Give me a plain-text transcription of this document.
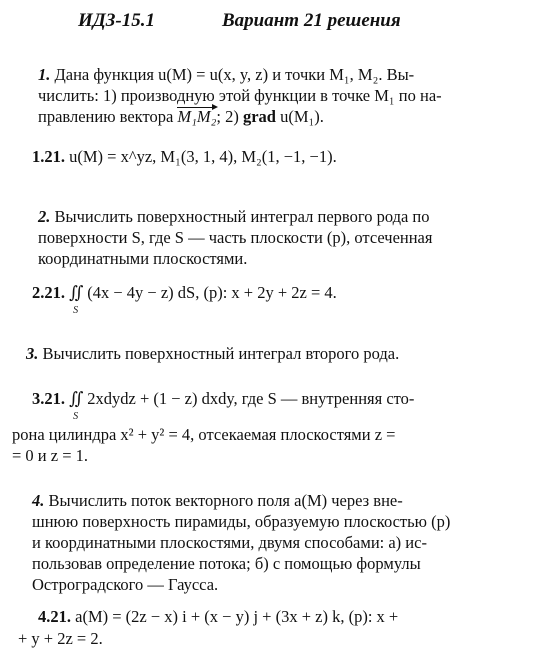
ИДЗ-15.1	Вариант 21 решения
1. Дана функция u(M) = u(x, y, z) и точки M₁, M₂. Вы-
числить: 1) производную этой функции в точке M₁ по на-
правлению вектора M₁M₂; 2) grad u(M₁).
1.21. u(M) = x^yz, M₁(3, 1, 4), M₂(1, −1, −1).
2. Вычислить поверхностный интеграл первого рода по
поверхности S, где S — часть плоскости (p), отсеченная
координатными плоскостями.
2.21. ∬
S
(4x − 4y − z) dS, (p): x + 2y + 2z = 4.
3. Вычислить поверхностный интеграл второго рода.
3.21. ∬
S
2xdydz + (1 − z) dxdy, где S — внутренняя сто-
рона цилиндра x² + y² = 4, отсекаемая плоскостями z =
= 0 и z = 1.
4. Вычислить поток векторного поля a(M) через вне-
шнюю поверхность пирамиды, образуемую плоскостью (p)
и координатными плоскостями, двумя способами: а) ис-
пользовав определение потока; б) с помощью формулы
Остроградского — Гаусса.
4.21. a(M) = (2z − x) i + (x − y) j + (3x + z) k, (p): x +
+ y + 2z = 2.
